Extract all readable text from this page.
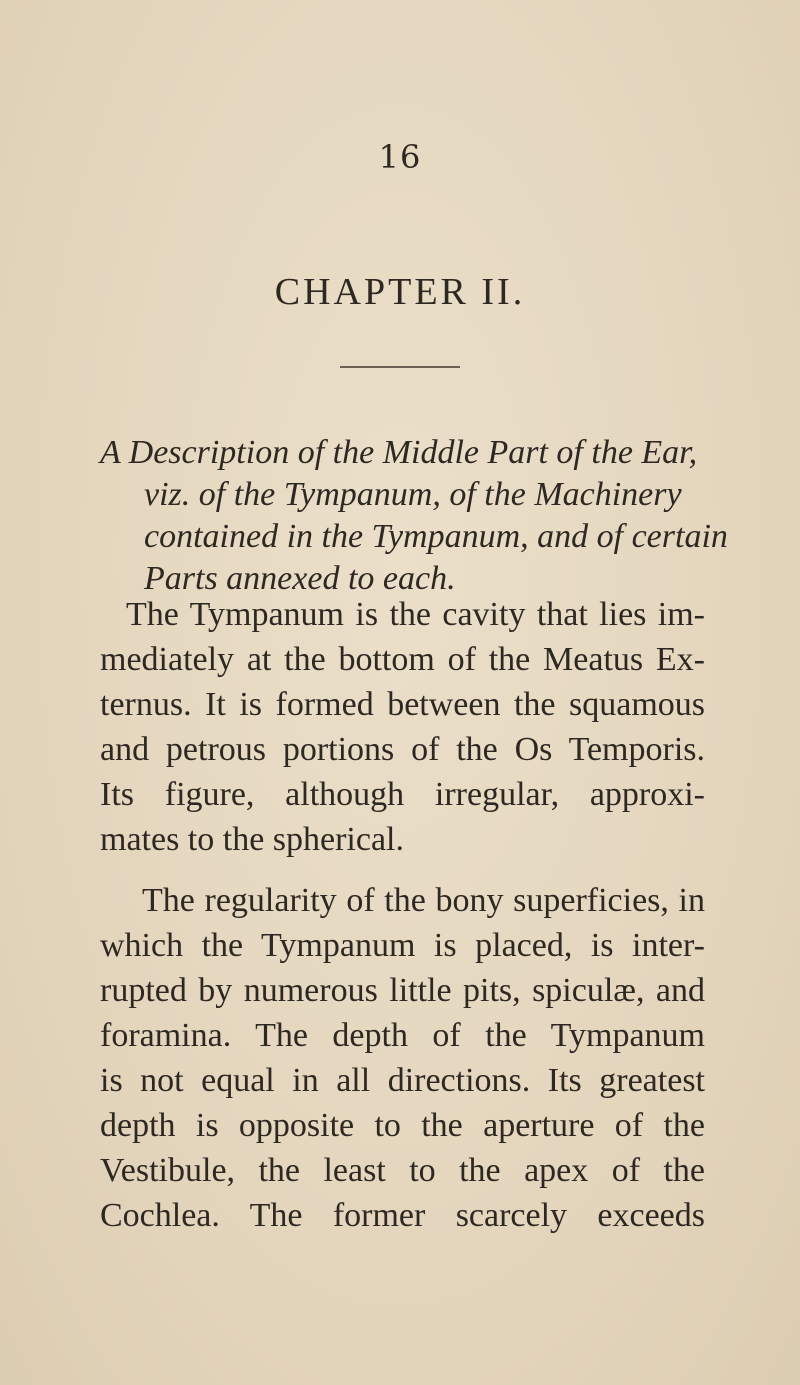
16
CHAPTER II.

A Description of the Middle Part of the Ear,
viz. of the Tympanum, of the Machinery
contained in the Tympanum, and of certain
Parts annexed to each.

The Tympanum is the cavity that lies im-
mediately at the bottom of the Meatus Ex-
ternus. It is formed between the squamous
and petrous portions of the Os Temporis.
Its figure, although irregular, approxi-
mates to the spherical.

The regularity of the bony superficies, in
which the Tympanum is placed, is inter-
rupted by numerous little pits, spiculæ, and
foramina. The depth of the Tympanum
is not equal in all directions. Its greatest
depth is opposite to the aperture of the
Vestibule, the least to the apex of the
Cochlea. The former scarcely exceeds
